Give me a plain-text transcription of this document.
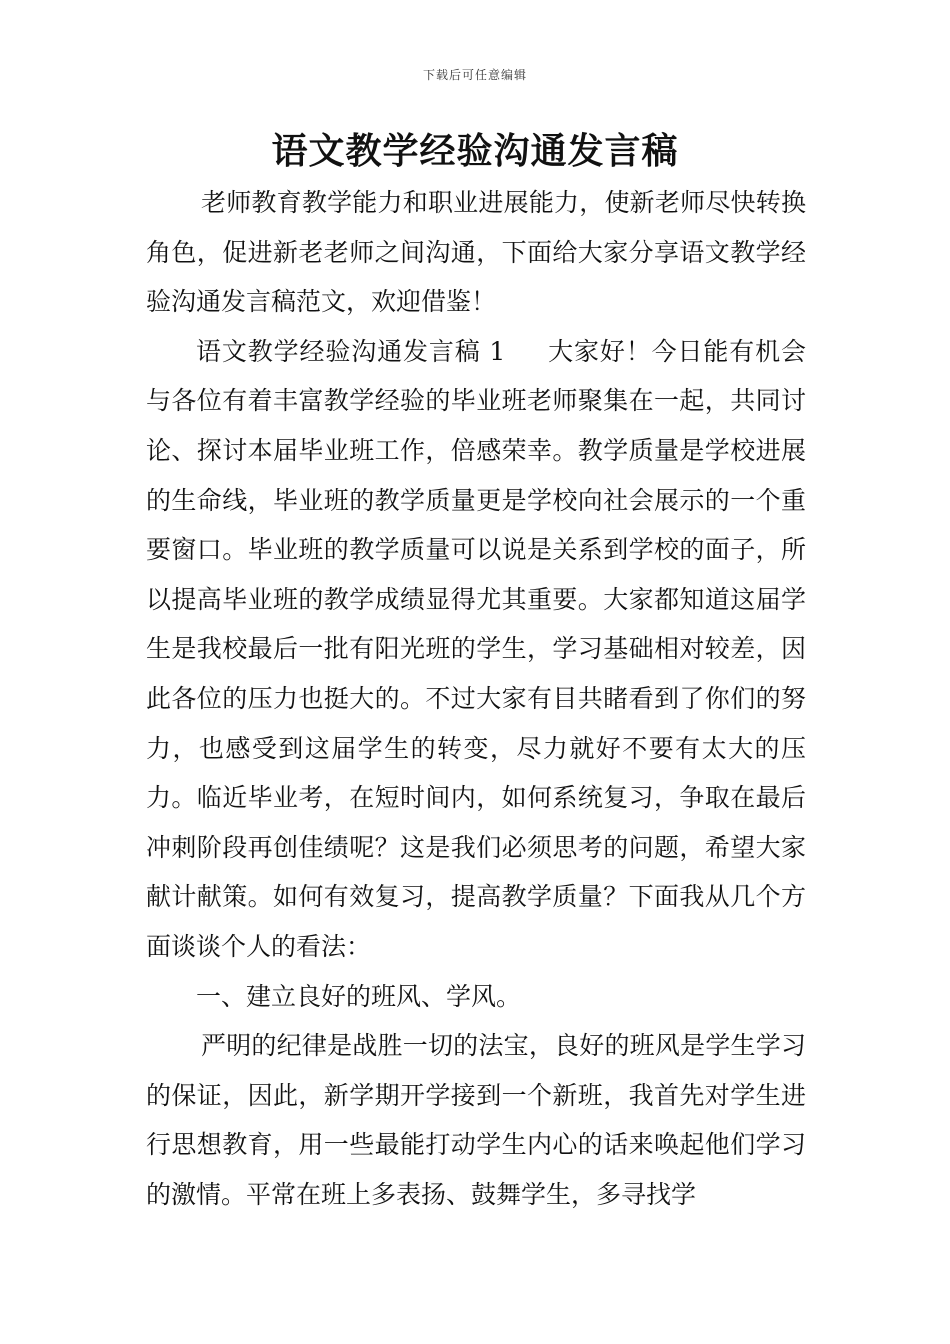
下载后可任意编辑
语文教学经验沟通发言稿

老师教育教学能力和职业进展能力，使新老师尽快转换角色，促进新老老师之间沟通，下面给大家分享语文教学经验沟通发言稿范文，欢迎借鉴！

语文教学经验沟通发言稿 1 大家好！今日能有机会与各位有着丰富教学经验的毕业班老师聚集在一起，共同讨论、探讨本届毕业班工作，倍感荣幸。教学质量是学校进展的生命线，毕业班的教学质量更是学校向社会展示的一个重要窗口。毕业班的教学质量可以说是关系到学校的面子，所以提高毕业班的教学成绩显得尤其重要。大家都知道这届学生是我校最后一批有阳光班的学生，学习基础相对较差，因此各位的压力也挺大的。不过大家有目共睹看到了你们的努力，也感受到这届学生的转变，尽力就好不要有太大的压力。临近毕业考，在短时间内，如何系统复习，争取在最后冲刺阶段再创佳绩呢？这是我们必须思考的问题，希望大家献计献策。如何有效复习，提高教学质量？下面我从几个方面谈谈个人的看法：

一、建立良好的班风、学风。

严明的纪律是战胜一切的法宝，良好的班风是学生学习的保证，因此，新学期开学接到一个新班，我首先对学生进行思想教育，用一些最能打动学生内心的话来唤起他们学习的激情。平常在班上多表扬、鼓舞学生，多寻找学
